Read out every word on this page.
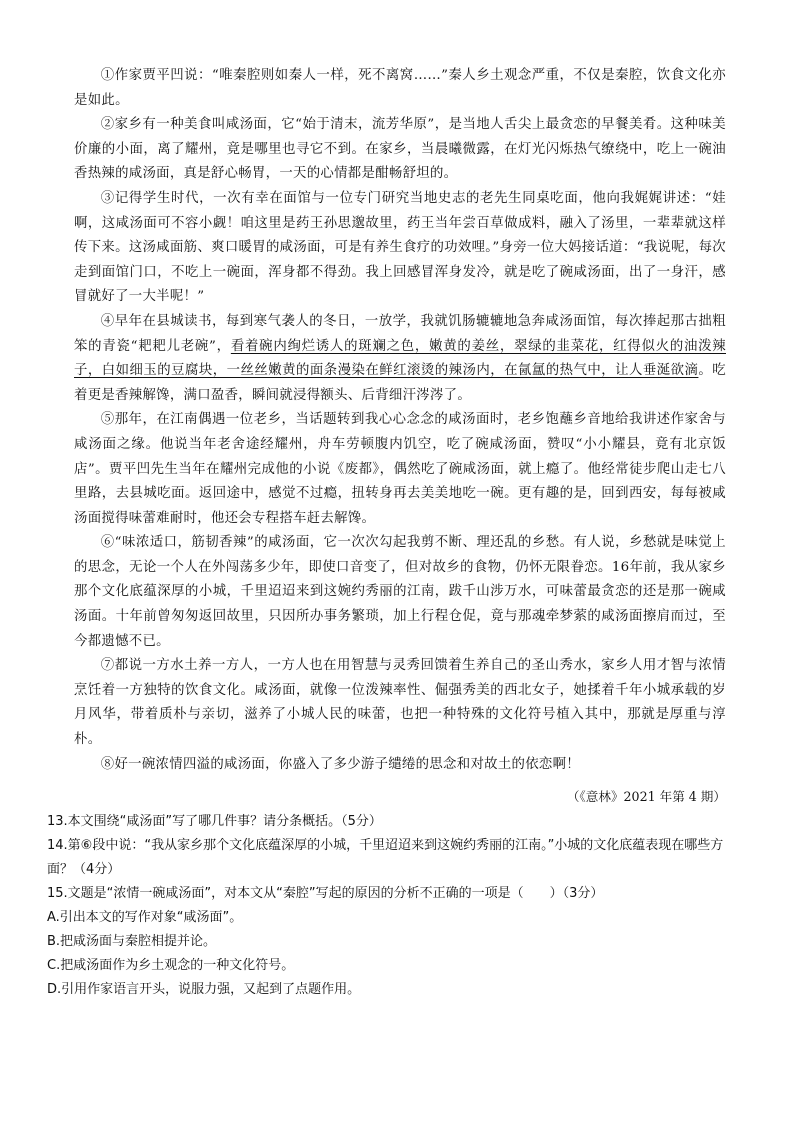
①作家贾平凹说：“唯秦腔则如秦人一样，死不离窝……”秦人乡土观念严重，不仅是秦腔，饮食文化亦是如此。

②家乡有一种美食叫咸汤面，它“始于清末，流芳华原”，是当地人舌尖上最贪恋的早餐美肴。这种味美价廉的小面，离了耀州，竟是哪里也寻它不到。在家乡，当晨曦微露，在灯光闪烁热气缭绕中，吃上一碗油香热辣的咸汤面，真是舒心畅胃，一天的心情都是酣畅舒坦的。

③记得学生时代，一次有幸在面馆与一位专门研究当地史志的老先生同桌吃面，他向我娓娓讲述：“娃啊，这咸汤面可不容小觑！咱这里是药王孙思邈故里，药王当年尝百草做成料，融入了汤里，一辈辈就这样传下来。这汤咸面筋、爽口暖胃的咸汤面，可是有养生食疗的功效哩。”身旁一位大妈接话道：“我说呢，每次走到面馆门口，不吃上一碗面，浑身都不得劲。我上回感冒浑身发冷，就是吃了碗咸汤面，出了一身汗，感冒就好了一大半呢！”

④早年在县城读书，每到寒气袭人的冬日，一放学，我就饥肠辘辘地急奔咸汤面馆，每次捧起那古拙粗笨的青瓷“耙耙儿老碗”，看着碗内绚烂诱人的斑斓之色，嫩黄的姜丝，翠绿的韭菜花，红得似火的油泼辣子，白如细玉的豆腐块，一丝丝嫩黄的面条漫染在鲜红滚烫的辣汤内，在氤氲的热气中，让人垂涎欲滴。吃着更是香辣解馋，满口盈香，瞬间就浸得额头、后背细汗涔涔了。

⑤那年，在江南偶遇一位老乡，当话题转到我心心念念的咸汤面时，老乡饱蘸乡音地给我讲述作家舍与咸汤面之缘。他说当年老舍途经耀州，舟车劳顿腹内饥空，吃了碗咸汤面，赞叹“小小耀县，竟有北京饭店”。贾平凹先生当年在耀州完成他的小说《废都》，偶然吃了碗咸汤面，就上瘾了。他经常徒步爬山走七八里路，去县城吃面。返回途中，感觉不过瘾，扭转身再去美美地吃一碗。更有趣的是，回到西安，每每被咸汤面搅得味蕾难耐时，他还会专程搭车赶去解馋。

⑥“味浓适口，筋韧香辣”的咸汤面，它一次次勾起我剪不断、理还乱的乡愁。有人说，乡愁就是味觉上的思念，无论一个人在外闯荡多少年，即使口音变了，但对故乡的食物，仍怀无限眷恋。16年前，我从家乡那个文化底蕴深厚的小城，千里迢迢来到这婉约秀丽的江南，跋千山涉万水，可味蕾最贪恋的还是那一碗咸汤面。十年前曾匆匆返回故里，只因所办事务繁琐，加上行程仓促，竟与那魂牵梦萦的咸汤面擦肩而过，至今都遗憾不已。

⑦都说一方水土养一方人，一方人也在用智慧与灵秀回馈着生养自己的圣山秀水，家乡人用才智与浓情烹饪着一方独特的饮食文化。咸汤面，就像一位泼辣率性、倔强秀美的西北女子，她揉着千年小城承载的岁月风华，带着质朴与亲切，滋养了小城人民的味蕾，也把一种特殊的文化符号植入其中，那就是厚重与淳朴。

⑧好一碗浓情四溢的咸汤面，你盛入了多少游子缱绻的思念和对故土的依恋啊！

（《意林》2021 年第 4 期）
13.本文围绕“咸汤面”写了哪几件事？请分条概括。（5分）
14.第⑥段中说：“我从家乡那个文化底蕴深厚的小城，千里迢迢来到这婉约秀丽的江南。”小城的文化底蕴表现在哪些方面？（4分）
15.文题是“浓情一碗咸汤面”，对本文从“秦腔”写起的原因的分析不正确的一项是（　　）（3分）
A.引出本文的写作对象“咸汤面”。
B.把咸汤面与秦腔相提并论。
C.把咸汤面作为乡土观念的一种文化符号。
D.引用作家语言开头，说服力强，又起到了点题作用。
